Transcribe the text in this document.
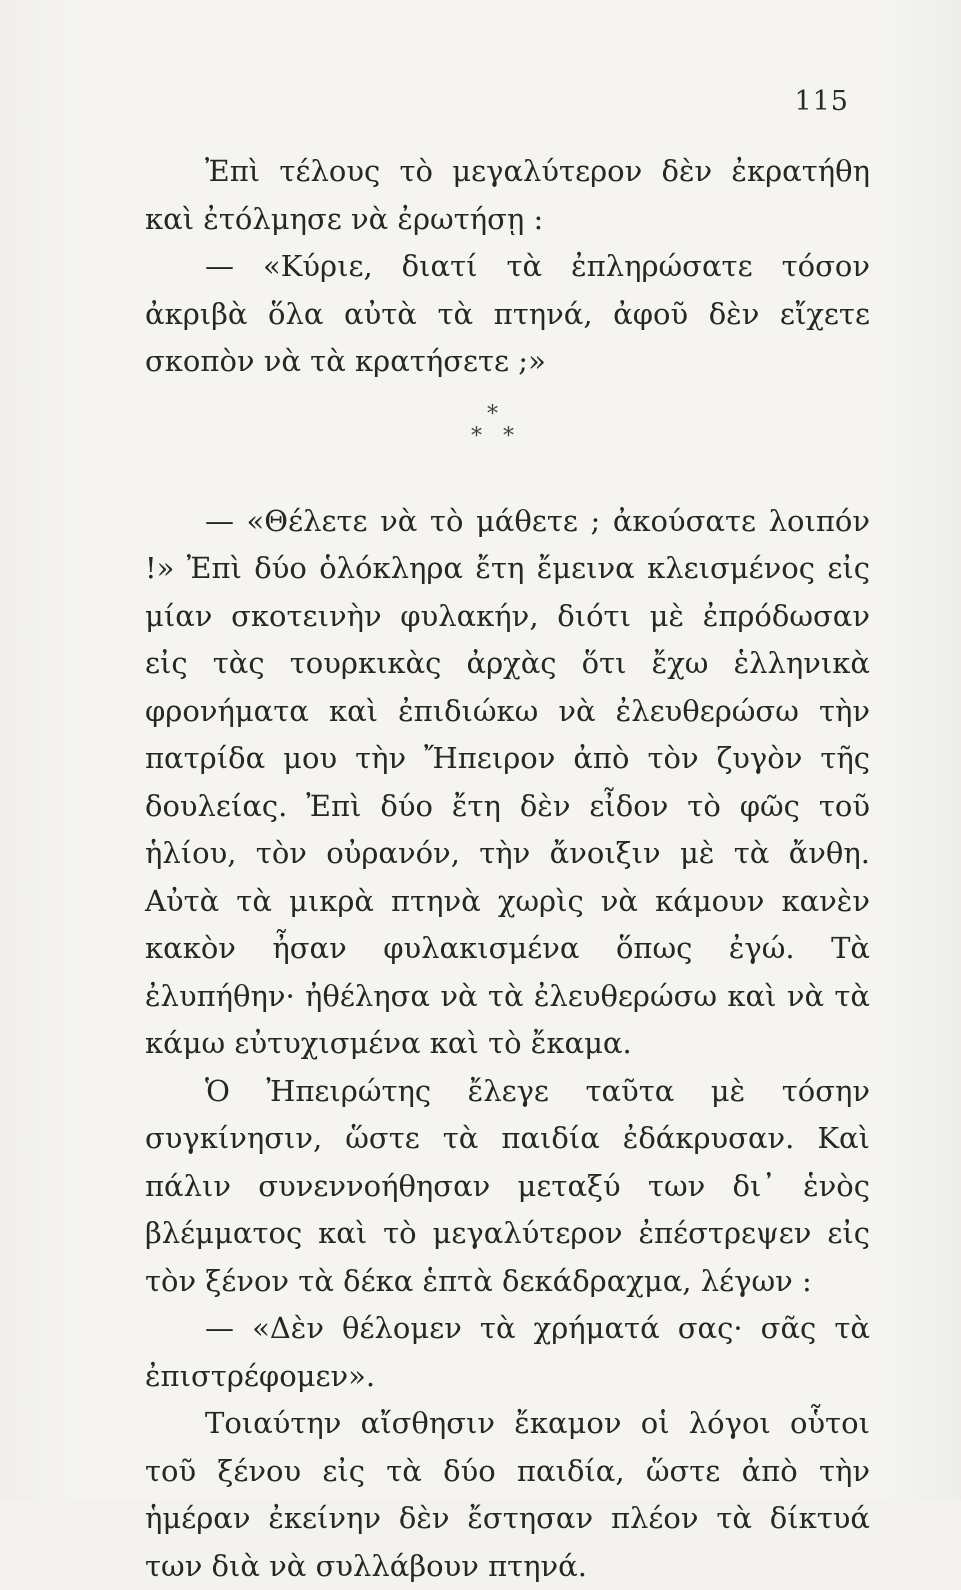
115

Ἐπὶ τέλους τὸ μεγαλύτερον δὲν ἐκρατήθη καὶ ἐτόλμησε νὰ ἐρωτήσῃ :

— «Κύριε, διατί τὰ ἐπληρώσατε τόσον ἀκριβὰ ὅλα αὐτὰ τὰ πτηνά, ἀφοῦ δὲν εἴχετε σκοπὸν νὰ τὰ κρατήσετε ;»

*
* *

— «Θέλετε νὰ τὸ μάθετε ; ἀκούσατε λοιπόν !» Ἐπὶ δύο ὁλόκληρα ἔτη ἔμεινα κλεισμένος εἰς μίαν σκοτεινὴν φυλακήν, διότι μὲ ἐπρόδωσαν εἰς τὰς τουρκικὰς ἀρχὰς ὅτι ἔχω ἑλληνικὰ φρονήματα καὶ ἐπιδιώκω νὰ ἐλευθερώσω τὴν πατρίδα μου τὴν Ἤπειρον ἀπὸ τὸν ζυγὸν τῆς δουλείας. Ἐπὶ δύο ἔτη δὲν εἶδον τὸ φῶς τοῦ ἡλίου, τὸν οὐρανόν, τὴν ἄνοιξιν μὲ τὰ ἄνθη. Αὐτὰ τὰ μικρὰ πτηνὰ χωρὶς νὰ κάμουν κανὲν κακὸν ἦσαν φυλακισμένα ὅπως ἐγώ. Τὰ ἐλυπήθην· ἠθέλησα νὰ τὰ ἐλευθερώσω καὶ νὰ τὰ κάμω εὐτυχισμένα καὶ τὸ ἔκαμα.

Ὁ Ἠπειρώτης ἔλεγε ταῦτα μὲ τόσην συγκίνησιν, ὥστε τὰ παιδία ἐδάκρυσαν. Καὶ πάλιν συνεννοήθησαν μεταξύ των δι᾽ ἑνὸς βλέμματος καὶ τὸ μεγαλύτερον ἐπέστρεψεν εἰς τὸν ξένον τὰ δέκα ἑπτὰ δεκάδραχμα, λέγων :

— «Δὲν θέλομεν τὰ χρήματά σας· σᾶς τὰ ἐπιστρέφομεν».

Τοιαύτην αἴσθησιν ἔκαμον οἱ λόγοι οὗτοι τοῦ ξένου εἰς τὰ δύο παιδία, ὥστε ἀπὸ τὴν ἡμέραν ἐκείνην δὲν ἔστησαν πλέον τὰ δίκτυά των διὰ νὰ συλλάβουν πτηνά.
